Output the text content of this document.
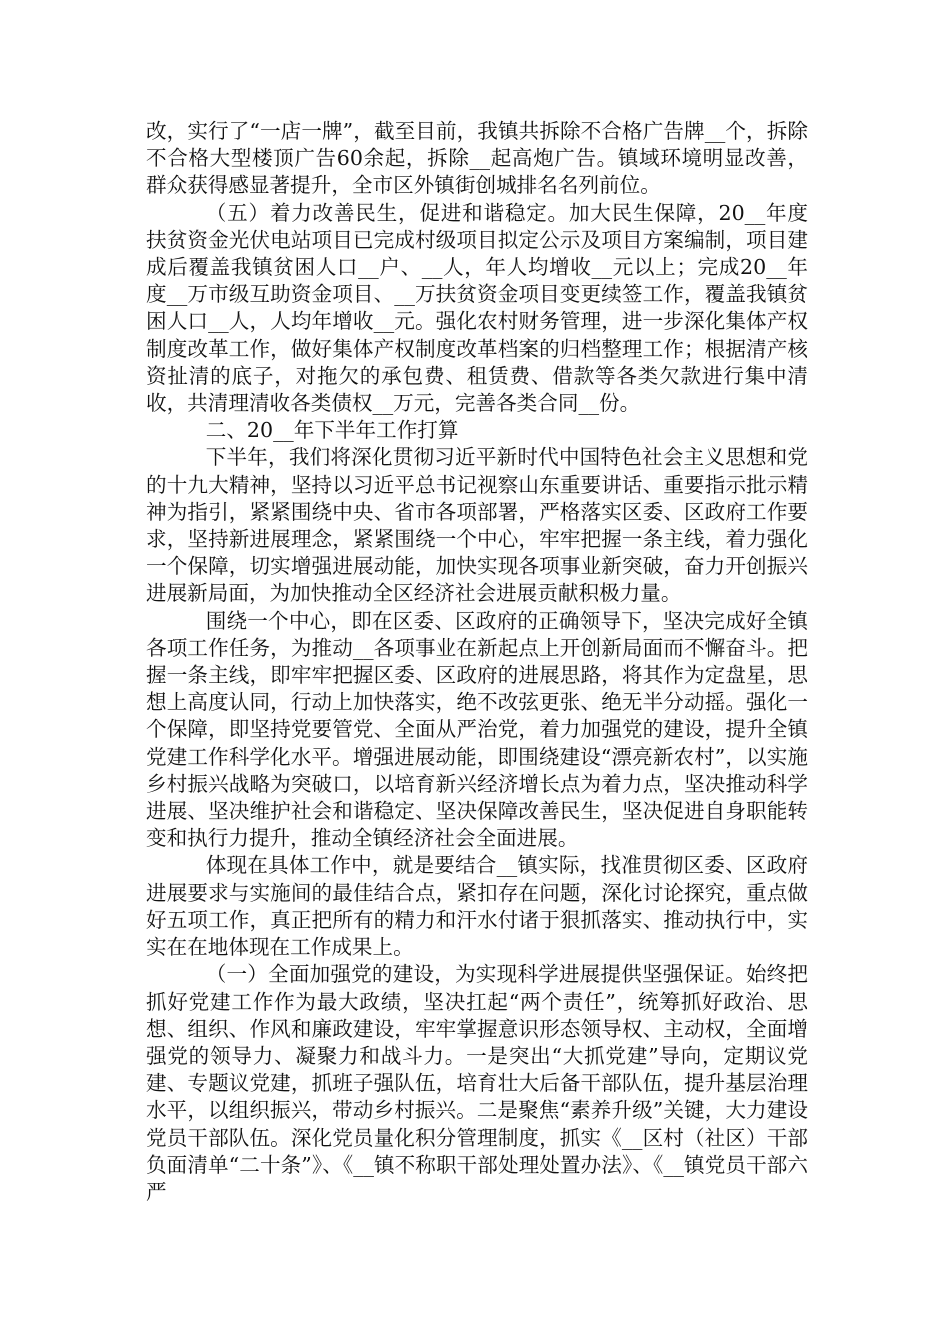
改，实行了“一店一牌”，截至目前，我镇共拆除不合格广告牌__个，拆除不合格大型楼顶广告60余起，拆除__起高炮广告。镇域环境明显改善，群众获得感显著提升，全市区外镇街创城排名名列前位。

（五）着力改善民生，促进和谐稳定。加大民生保障，20__年度扶贫资金光伏电站项目已完成村级项目拟定公示及项目方案编制，项目建成后覆盖我镇贫困人口__户、__人，年人均增收__元以上；完成20__年度__万市级互助资金项目、__万扶贫资金项目变更续签工作，覆盖我镇贫困人口__人，人均年增收__元。强化农村财务管理，进一步深化集体产权制度改革工作，做好集体产权制度改革档案的归档整理工作；根据清产核资扯清的底子，对拖欠的承包费、租赁费、借款等各类欠款进行集中清收，共清理清收各类债权__万元，完善各类合同__份。

二、20__年下半年工作打算

下半年，我们将深化贯彻习近平新时代中国特色社会主义思想和党的十九大精神，坚持以习近平总书记视察山东重要讲话、重要指示批示精神为指引，紧紧围绕中央、省市各项部署，严格落实区委、区政府工作要求，坚持新进展理念，紧紧围绕一个中心，牢牢把握一条主线，着力强化一个保障，切实增强进展动能，加快实现各项事业新突破，奋力开创振兴进展新局面，为加快推动全区经济社会进展贡献积极力量。

围绕一个中心，即在区委、区政府的正确领导下，坚决完成好全镇各项工作任务，为推动__各项事业在新起点上开创新局面而不懈奋斗。把握一条主线，即牢牢把握区委、区政府的进展思路，将其作为定盘星，思想上高度认同，行动上加快落实，绝不改弦更张、绝无半分动摇。强化一个保障，即坚持党要管党、全面从严治党，着力加强党的建设，提升全镇党建工作科学化水平。增强进展动能，即围绕建设“漂亮新农村”，以实施乡村振兴战略为突破口，以培育新兴经济增长点为着力点，坚决推动科学进展、坚决维护社会和谐稳定、坚决保障改善民生，坚决促进自身职能转变和执行力提升，推动全镇经济社会全面进展。

体现在具体工作中，就是要结合__镇实际，找准贯彻区委、区政府进展要求与实施间的最佳结合点，紧扣存在问题，深化讨论探究，重点做好五项工作，真正把所有的精力和汗水付诸于狠抓落实、推动执行中，实实在在地体现在工作成果上。

（一）全面加强党的建设，为实现科学进展提供坚强保证。始终把抓好党建工作作为最大政绩，坚决扛起“两个责任”，统筹抓好政治、思想、组织、作风和廉政建设，牢牢掌握意识形态领导权、主动权，全面增强党的领导力、凝聚力和战斗力。一是突出“大抓党建”导向，定期议党建、专题议党建，抓班子强队伍，培育壮大后备干部队伍，提升基层治理水平，以组织振兴，带动乡村振兴。二是聚焦“素养升级”关键，大力建设党员干部队伍。深化党员量化积分管理制度，抓实《__区村（社区）干部负面清单“二十条”》、《__镇不称职干部处理处置办法》、《__镇党员干部六严
